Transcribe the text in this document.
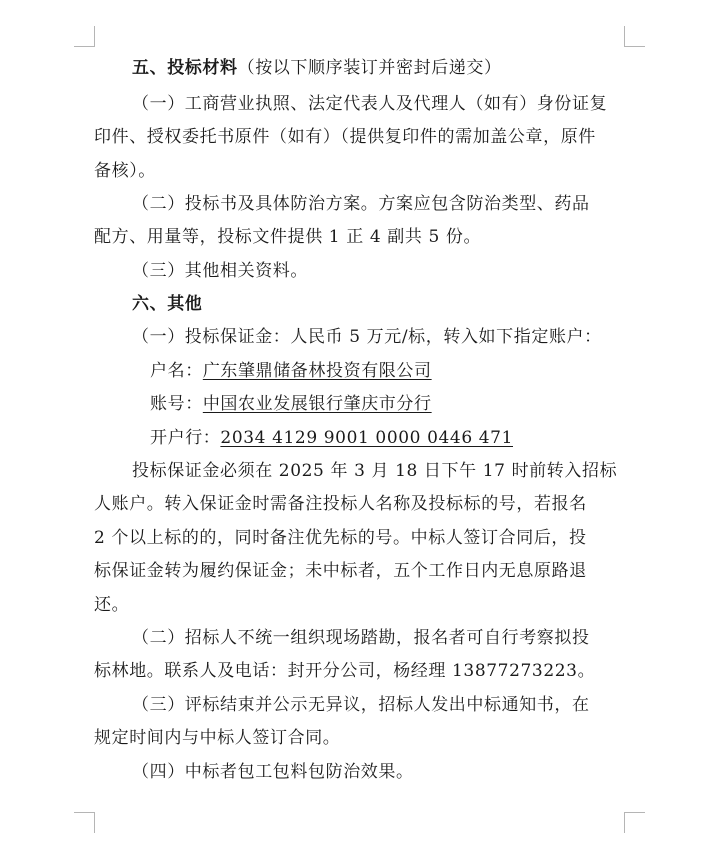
五、投标材料（按以下顺序装订并密封后递交）
（一）工商营业执照、法定代表人及代理人（如有）身份证复
印件、授权委托书原件（如有）（提供复印件的需加盖公章，原件
备核）。
（二）投标书及具体防治方案。方案应包含防治类型、药品
配方、用量等，投标文件提供 1 正 4 副共 5 份。
（三）其他相关资料。
六、其他
（一）投标保证金：人民币 5 万元/标，转入如下指定账户：
户名：广东肇鼎储备林投资有限公司
账号：中国农业发展银行肇庆市分行
开户行：2034 4129 9001 0000 0446 471
投标保证金必须在 2025 年 3 月 18 日下午 17 时前转入招标
人账户。转入保证金时需备注投标人名称及投标标的号，若报名
2 个以上标的的，同时备注优先标的号。中标人签订合同后，投
标保证金转为履约保证金；未中标者，五个工作日内无息原路退
还。
（二）招标人不统一组织现场踏勘，报名者可自行考察拟投
标林地。联系人及电话：封开分公司，杨经理 13877273223。
（三）评标结束并公示无异议，招标人发出中标通知书，在
规定时间内与中标人签订合同。
（四）中标者包工包料包防治效果。
